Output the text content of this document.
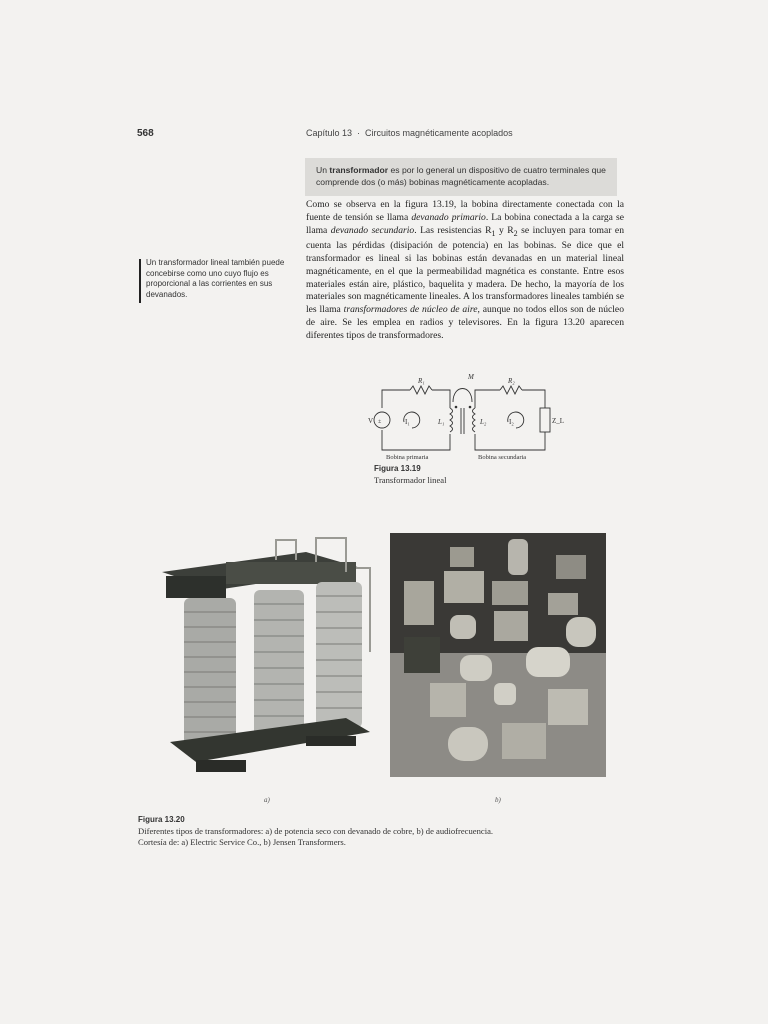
568	Capítulo 13 · Circuitos magnéticamente acoplados
Un transformador es por lo general un dispositivo de cuatro terminales que comprende dos (o más) bobinas magnéticamente acopladas.
Como se observa en la figura 13.19, la bobina directamente conectada con la fuente de tensión se llama devanado primario. La bobina conectada a la carga se llama devanado secundario. Las resistencias $R_1$ y $R_2$ se incluyen para tomar en cuenta las pérdidas (disipación de potencia) en las bobinas. Se dice que el transformador es lineal si las bobinas están devanadas en un material lineal magnéticamente, en el que la permeabilidad magnética es constante. Entre esos materiales están aire, plástico, baquelita y madera. De hecho, la mayoría de los materiales son magnéticamente lineales. A los transformadores lineales también se les llama transformadores de núcleo de aire, aunque no todos ellos son de núcleo de aire. Se les emplea en radios y televisores. En la figura 13.20 aparecen diferentes tipos de transformadores.
Un transformador lineal también puede concebirse como uno cuyo flujo es proporcional a las corrientes en sus devanados.
±
M
R₁	R₂
V	I₁	I₂
L₁	L₂	Z_L
Bobina primaria	Bobina secundaria
Figura 13.19
Transformador lineal
a)	b)
Figura 13.20
Diferentes tipos de transformadores: a) de potencia seco con devanado de cobre, b) de audiofrecuencia.
Cortesía de: a) Electric Service Co., b) Jensen Transformers.
